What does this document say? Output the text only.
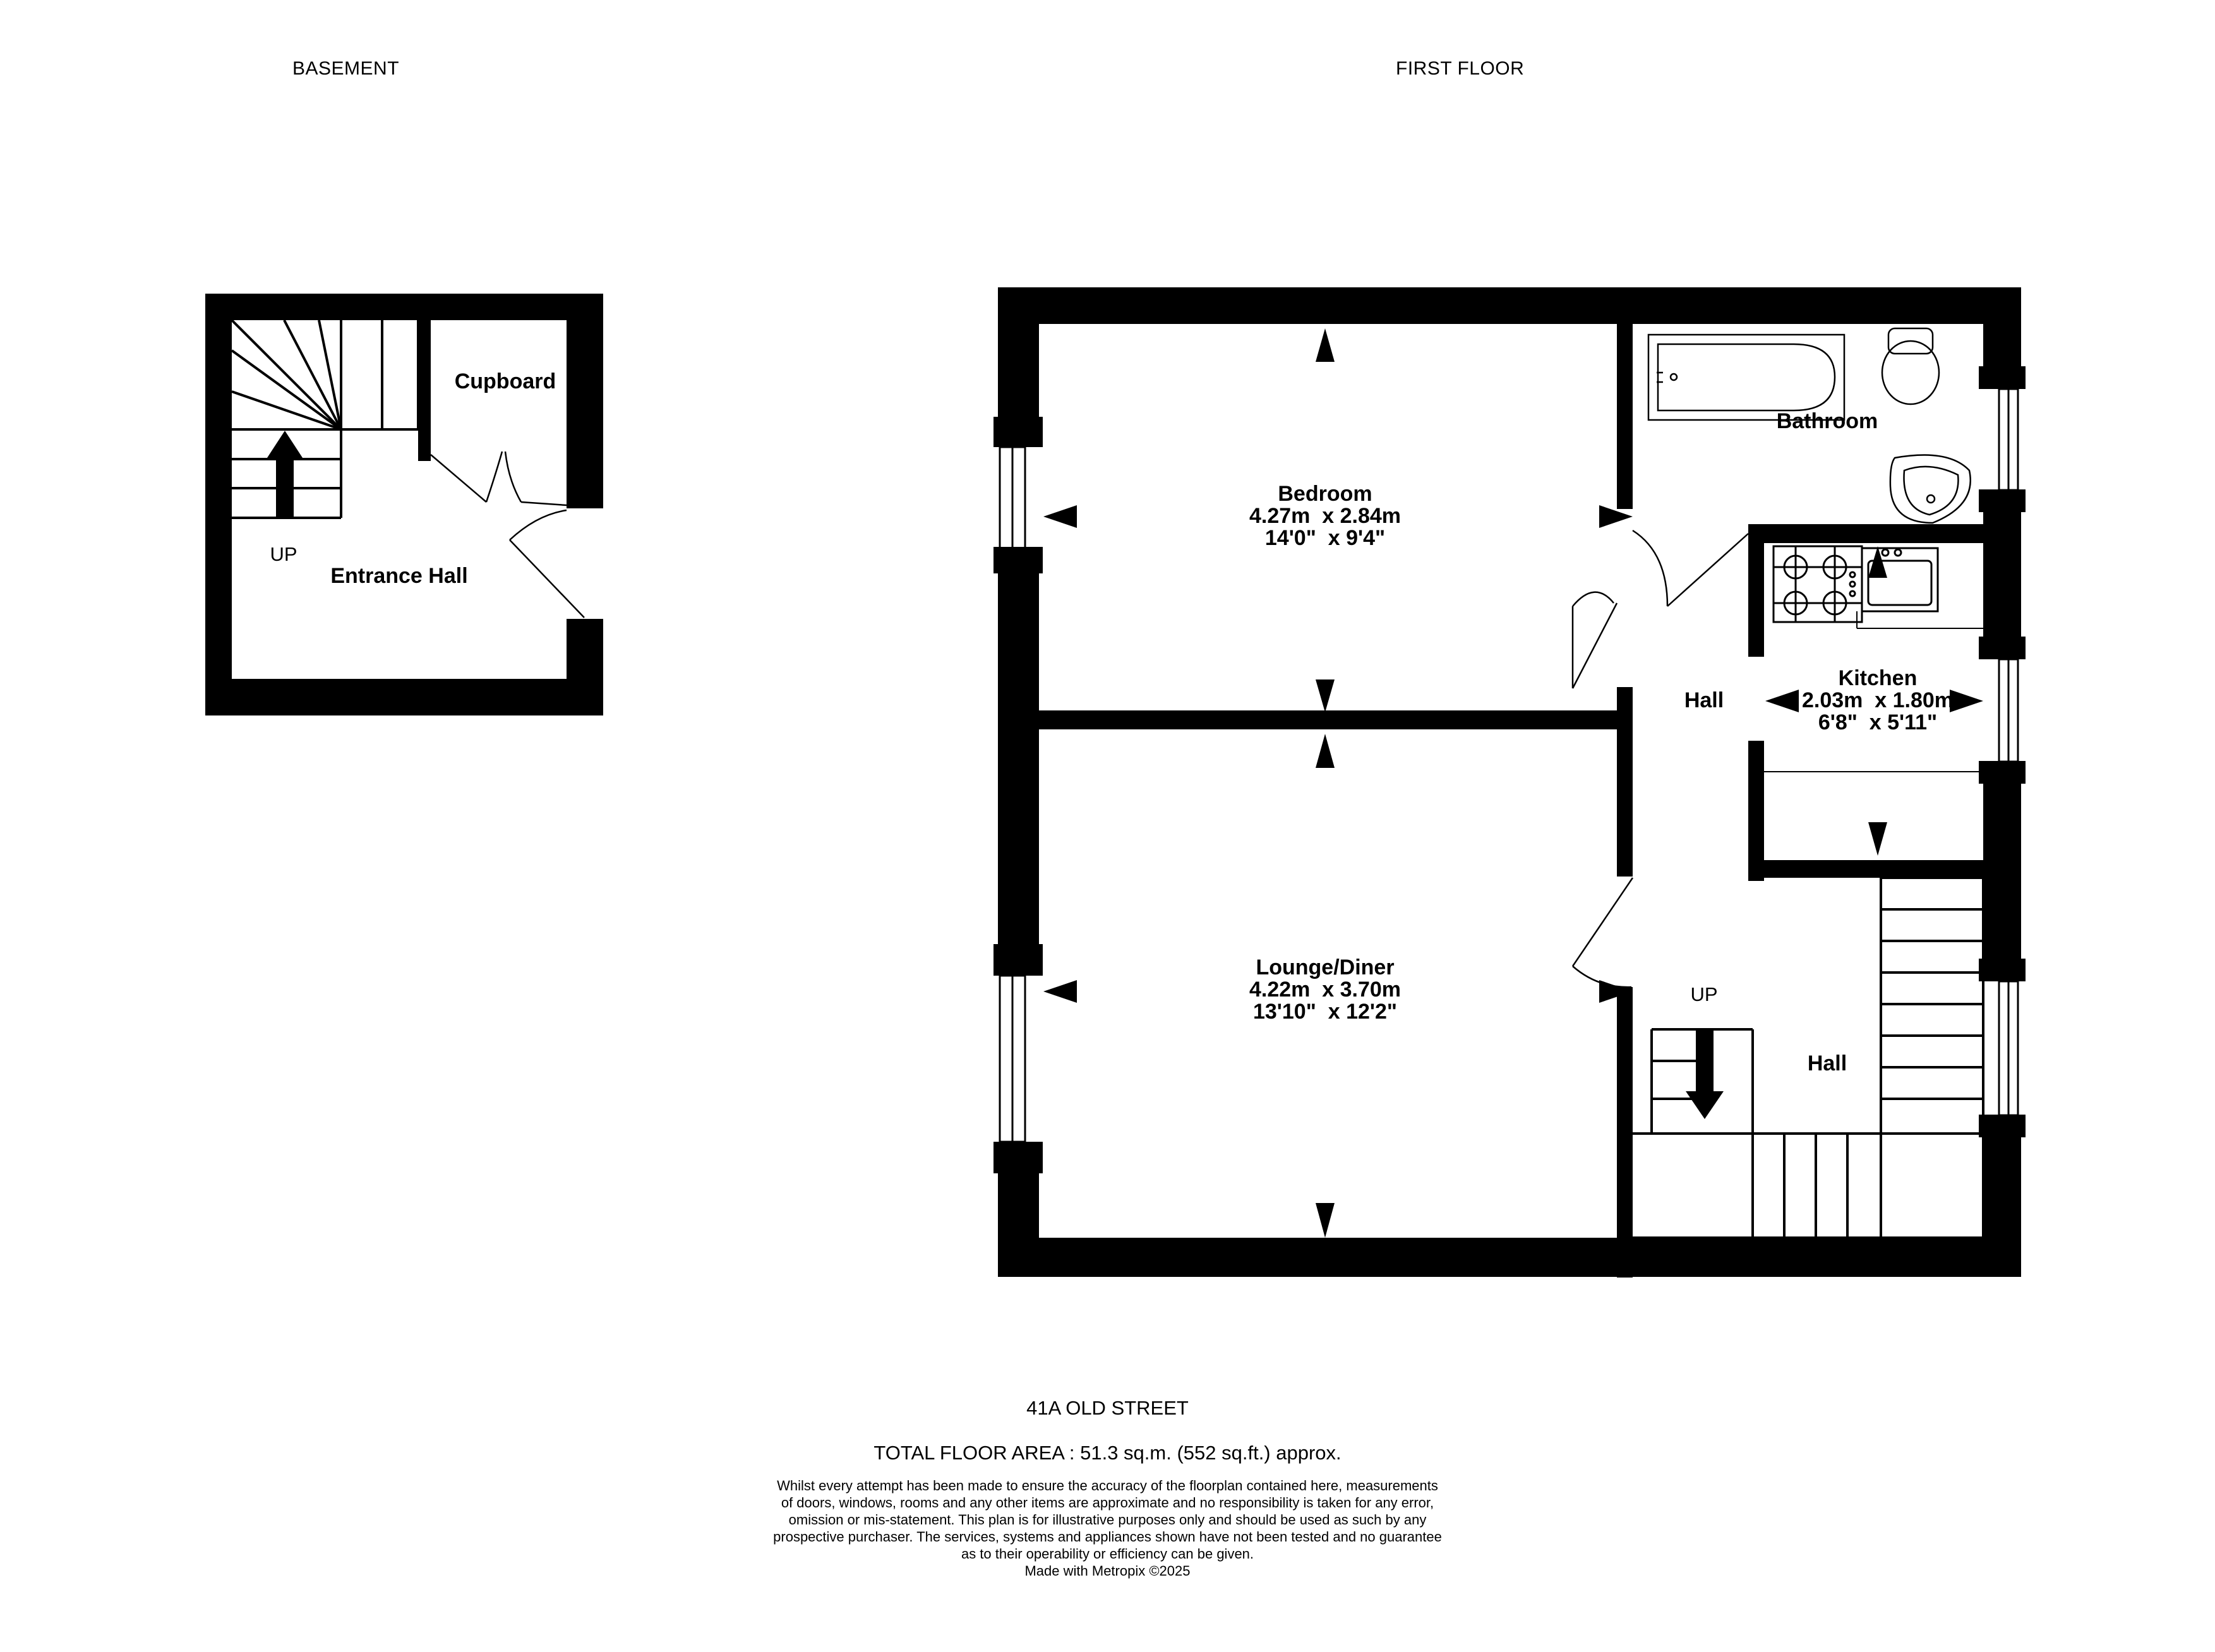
BASEMENT	FIRST FLOOR
Cupboard
Entrance Hall
UP
Bedroom
4.27m  x 2.84m
14'0"  x 9'4"
Lounge/Diner
4.22m  x 3.70m
13'10"  x 12'2"
Bathroom
Kitchen
2.03m  x 1.80m
6'8"  x 5'11"
Hall
Hall
UP
41A OLD STREET
TOTAL FLOOR AREA : 51.3 sq.m. (552 sq.ft.) approx.
Whilst every attempt has been made to ensure the accuracy of the floorplan contained here, measurements
of doors, windows, rooms and any other items are approximate and no responsibility is taken for any error,
omission or mis-statement. This plan is for illustrative purposes only and should be used as such by any
prospective purchaser. The services, systems and appliances shown have not been tested and no guarantee
as to their operability or efficiency can be given.
Made with Metropix ©2025
